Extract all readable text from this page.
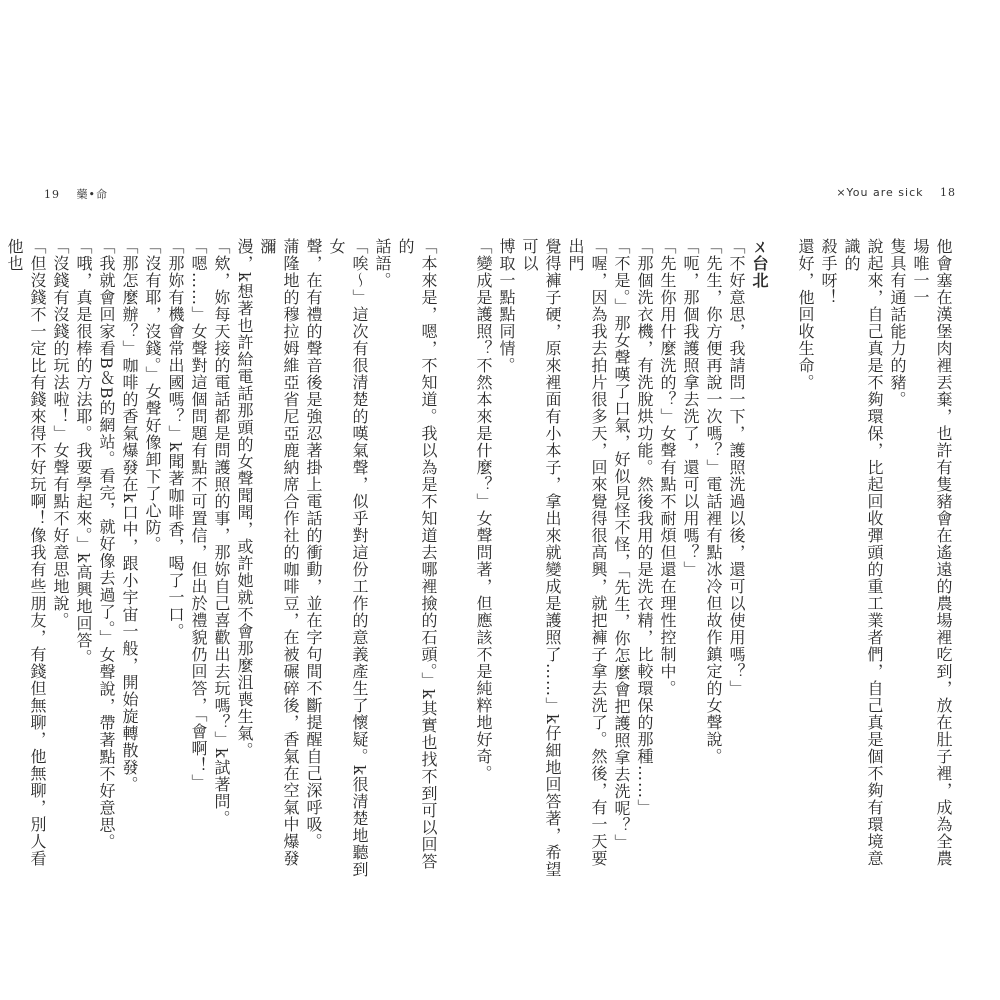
19 藥•命	×You are sick 18

「本來是，嗯，不知道。我以為是不知道去哪裡撿的石頭。」k其實也找不到可以回答的

話語。

「唉～」這次有很清楚的嘆氣聲，似乎對這份工作的意義產生了懷疑。k很清楚地聽到女

聲，在有禮的聲音後是強忍著掛上電話的衝動，並在字句間不斷提醒自己深呼吸。

蒲隆地的穆拉姆維亞省尼亞鹿納席合作社的咖啡豆，在被碾碎後，香氣在空氣中爆發瀰

漫，k想著也許給電話那頭的女聲聞聞，或許她就不會那麼沮喪生氣。

「欸，妳每天接的電話都是問護照的事，那妳自己喜歡出去玩嗎？」k試著問。

「嗯……」女聲對這個問題有點不可置信，但出於禮貌仍回答，「會啊！」

「那妳有機會常出國嗎？」k聞著咖啡香，喝了一口。

「沒有耶，沒錢。」女聲好像卸下了心防。

「那怎麼辦？」咖啡的香氣爆發在k口中，跟小宇宙一般，開始旋轉散發。

「我就會回家看B＆B的網站。看完，就好像去過了。」女聲說，帶著點不好意思。

「哦，真是很棒的方法耶。我要學起來。」k高興地回答。

「沒錢有沒錢的玩法啦！」女聲有點不好意思地說。

「但沒錢不一定比有錢來得不好玩啊！像我有些朋友，有錢但無聊，他無聊，別人看他也	他會塞在漢堡肉裡丟棄，也許有隻豬會在遙遠的農場裡吃到，放在肚子裡，成為全農場唯一一

隻具有通話能力的豬。

說起來，自己真是不夠環保，比起回收彈頭的重工業者們，自己真是個不夠有環境意識的

殺手呀！

還好，他回收生命。

ㄨ台北

「不好意思，我請問一下，護照洗過以後，還可以使用嗎？」

「先生，你方便再說一次嗎？」電話裡有點冰冷但故作鎮定的女聲說。

「呃，那個我護照拿去洗了，還可以用嗎？」

「先生你用什麼洗的？」女聲有點不耐煩但還在理性控制中。

「那個洗衣機，有洗脫烘功能。然後我用的是洗衣精，比較環保的那種……」

「不是。」那女聲嘆了口氣，好似見怪不怪，「先生，你怎麼會把護照拿去洗呢？」

「喔，因為我去拍片很多天，回來覺得很高興，就把褲子拿去洗了。然後，有一天要出門

覺得褲子硬，原來裡面有小本子，拿出來就變成是護照了……」k仔細地回答著，希望可以

博取一點點同情。

「變成是護照？不然本來是什麼？」女聲問著，但應該不是純粹地好奇。
